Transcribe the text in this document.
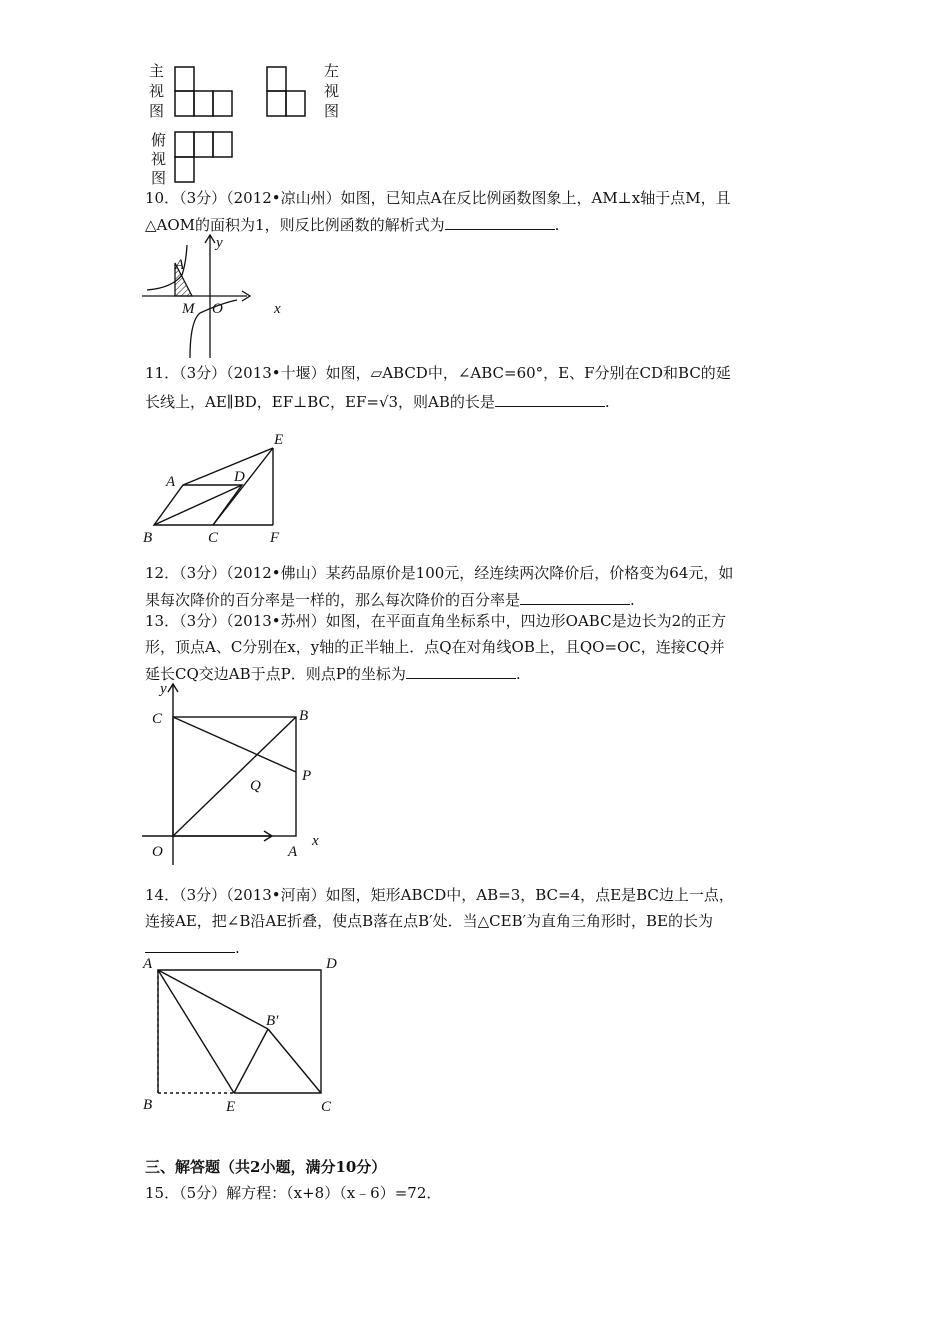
主
视
图
左
视
图
俯
视
图
10．（3分）（2012•凉山州）如图，已知点A在反比例函数图象上，AM⊥x轴于点M，且
△AOM的面积为1，则反比例函数的解析式为	.
A
M O	x
y
11．（3分）（2013•十堰）如图，▱ABCD中，∠ABC=60°，E、F分别在CD和BC的延
长线上，AE∥BD，EF⊥BC，EF=√3，则AB的长是	.
A
B	C
D
E
F
12．（3分）（2012•佛山）某药品原价是100元，经连续两次降价后，价格变为64元，如
果每次降价的百分率是一样的，那么每次降价的百分率是	.
13．（3分）（2013•苏州）如图，在平面直角坐标系中，四边形OABC是边长为2的正方
形，顶点A、C分别在x，y轴的正半轴上．点Q在对角线OB上，且QO=OC，连接CQ并
延长CQ交边AB于点P．则点P的坐标为	.
y
C	B
Q
P
O	A
x
14．（3分）（2013•河南）如图，矩形ABCD中，AB=3，BC=4，点E是BC边上一点，
连接AE，把∠B沿AE折叠，使点B落在点B′处．当△CEB′为直角三角形时，BE的长为
.
A	D
B′
B	E	C
三、解答题（共2小题，满分10分）
15．（5分）解方程：（x+8）（x﹣6）=72．
